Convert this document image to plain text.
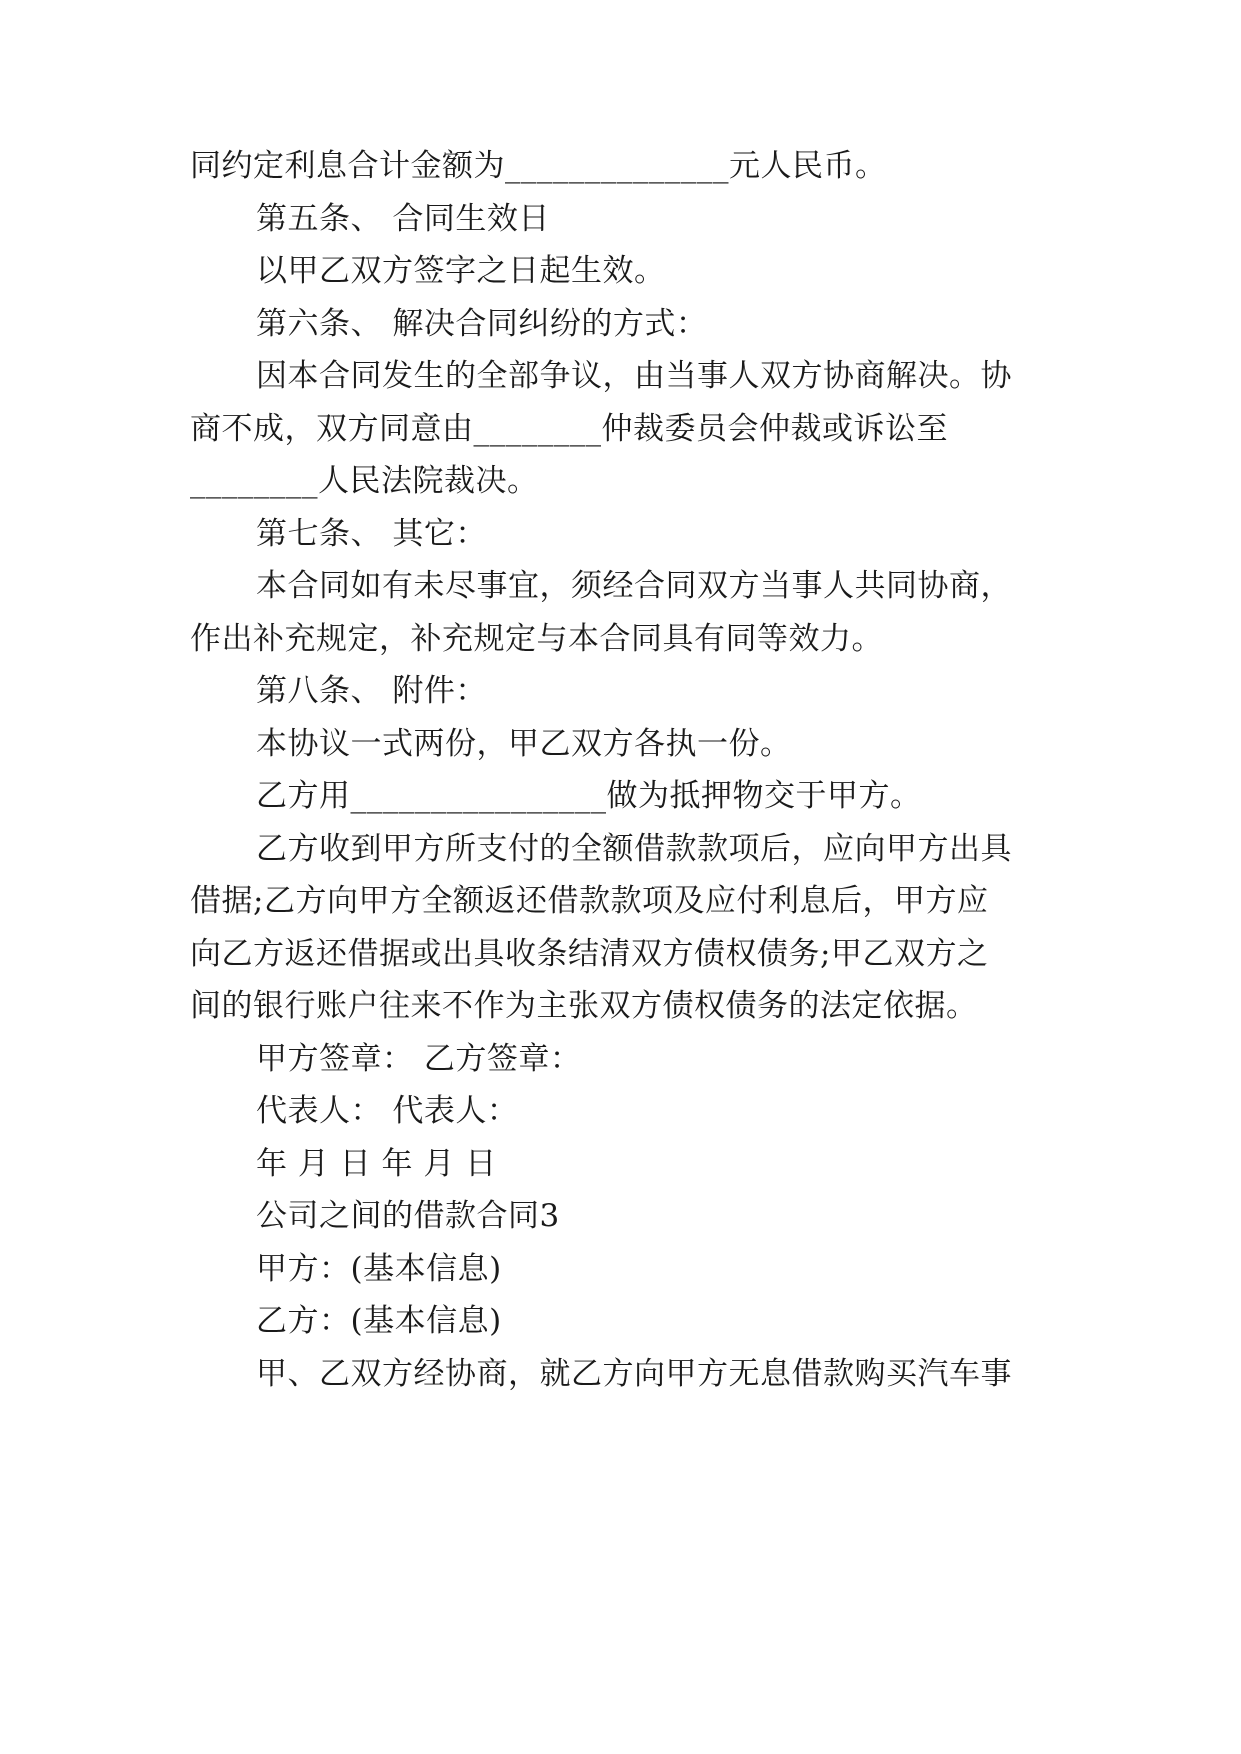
同约定利息合计金额为______________元人民币。
第五条、 合同生效日
以甲乙双方签字之日起生效。
第六条、 解决合同纠纷的方式：
因本合同发生的全部争议，由当事人双方协商解决。协
商不成，双方同意由________仲裁委员会仲裁或诉讼至
________人民法院裁决。
第七条、 其它：
本合同如有未尽事宜，须经合同双方当事人共同协商，
作出补充规定，补充规定与本合同具有同等效力。
第八条、 附件：
本协议一式两份，甲乙双方各执一份。
乙方用________________做为抵押物交于甲方。
乙方收到甲方所支付的全额借款款项后，应向甲方出具
借据;乙方向甲方全额返还借款款项及应付利息后，甲方应
向乙方返还借据或出具收条结清双方债权债务;甲乙双方之
间的银行账户往来不作为主张双方债权债务的法定依据。
甲方签章： 乙方签章：
代表人： 代表人：
年 月 日 年 月 日
公司之间的借款合同3
甲方：(基本信息)
乙方：(基本信息)
甲、乙双方经协商，就乙方向甲方无息借款购买汽车事
